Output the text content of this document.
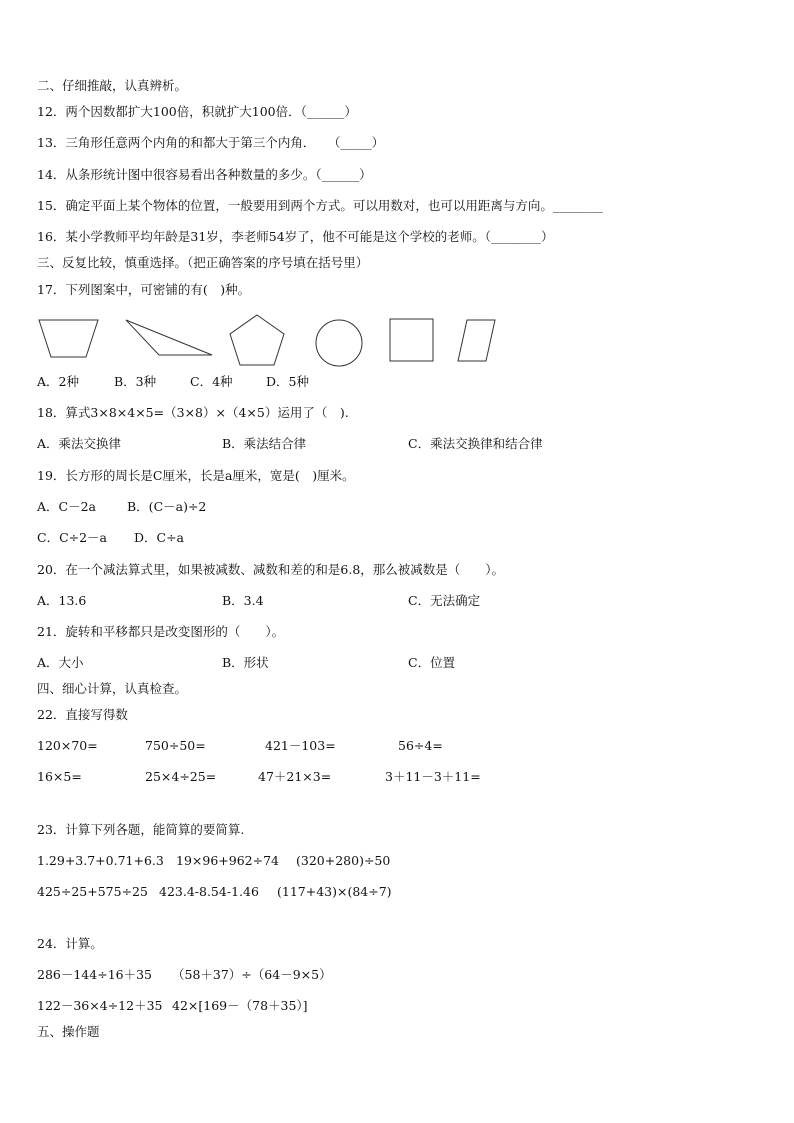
二、仔细推敲，认真辨析。
12．两个因数都扩大100倍，积就扩大100倍．（______）
13．三角形任意两个内角的和都大于第三个内角．　　（_____）
14．从条形统计图中很容易看出各种数量的多少。（______）
15．确定平面上某个物体的位置，一般要用到两个方式。可以用数对，也可以用距离与方向。________
16．某小学教师平均年龄是31岁，李老师54岁了，他不可能是这个学校的老师。（________）
三、反复比较，慎重选择。（把正确答案的序号填在括号里）
17．下列图案中，可密铺的有(　)种。
A．2种	B．3种	C．4种	D．5种
18．算式3×8×4×5=（3×8）×（4×5）运用了（　).
A．乘法交换律	B．乘法结合律	C．乘法交换律和结合律
19．长方形的周长是C厘米，长是a厘米，宽是(　)厘米。
A．C－2a B．(C－a)÷2
C．C÷2－a D．C÷a
20．在一个减法算式里，如果被减数、减数和差的和是6.8，那么被减数是（　　）。
A．13.6	B．3.4	C．无法确定
21．旋转和平移都只是改变图形的（　　）。
A．大小	B．形状	C．位置
四、细心计算，认真检查。
22．直接写得数
120×70=	750÷50=	421－103=	56÷4=
16×5=	25×4÷25=	47＋21×3=	3＋11－3＋11=
23．计算下列各题，能简算的要简算.
1.29+3.7+0.71+6.3 19×96+962÷74 (320+280)÷50
425÷25+575÷25 423.4-8.54-1.46 (117+43)×(84÷7)
24．计算。
286－144÷16＋35 （58＋37）÷（64－9×5）
122－36×4÷12＋35 42×[169－（78＋35）]
五、操作题
